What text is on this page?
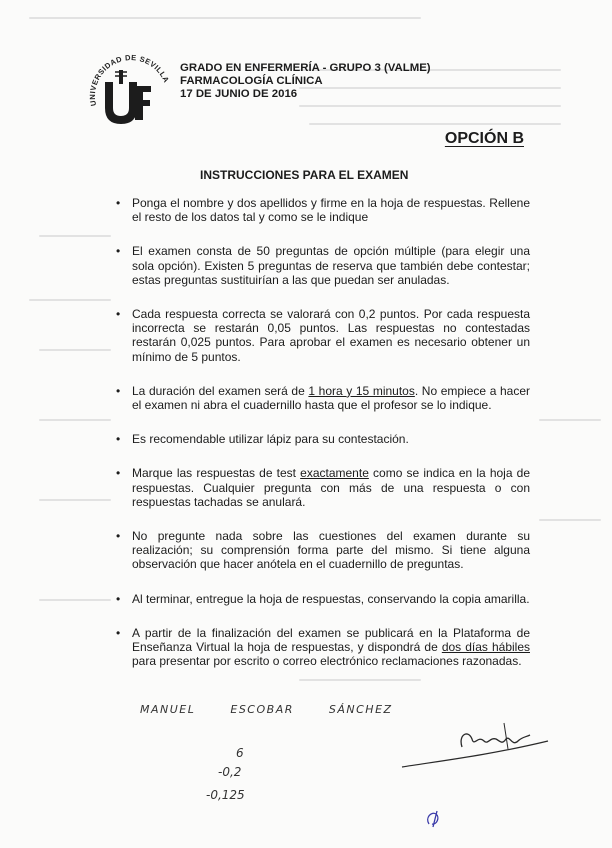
UNIVERSIDAD DE SEVILLA
GRADO EN ENFERMERÍA - GRUPO 3 (VALME)
FARMACOLOGÍA CLÍNICA
17 DE JUNIO DE 2016
OPCIÓN B
INSTRUCCIONES PARA EL EXAMEN
• Ponga el nombre y dos apellidos y firme en la hoja de respuestas. Rellene el resto de los datos tal y como se le indique
• El examen consta de 50 preguntas de opción múltiple (para elegir una sola opción). Existen 5 preguntas de reserva que también debe contestar; estas preguntas sustituirían a las que puedan ser anuladas.
• Cada respuesta correcta se valorará con 0,2 puntos. Por cada respuesta incorrecta se restarán 0,05 puntos. Las respuestas no contestadas restarán 0,025 puntos. Para aprobar el examen es necesario obtener un mínimo de 5 puntos.
• La duración del examen será de 1 hora y 15 minutos. No empiece a hacer el examen ni abra el cuadernillo hasta que el profesor se lo indique.
• Es recomendable utilizar lápiz para su contestación.
• Marque las respuestas de test exactamente como se indica en la hoja de respuestas. Cualquier pregunta con más de una respuesta o con respuestas tachadas se anulará.
• No pregunte nada sobre las cuestiones del examen durante su realización; su comprensión forma parte del mismo. Si tiene alguna observación que hacer anótela en el cuadernillo de preguntas.
• Al terminar, entregue la hoja de respuestas, conservando la copia amarilla.
• A partir de la finalización del examen se publicará en la Plataforma de Enseñanza Virtual la hoja de respuestas, y dispondrá de dos días hábiles para presentar por escrito o correo electrónico reclamaciones razonadas.
MANUEL	ESCOBAR	SÁNCHEZ
6
-0,2
-0,125
